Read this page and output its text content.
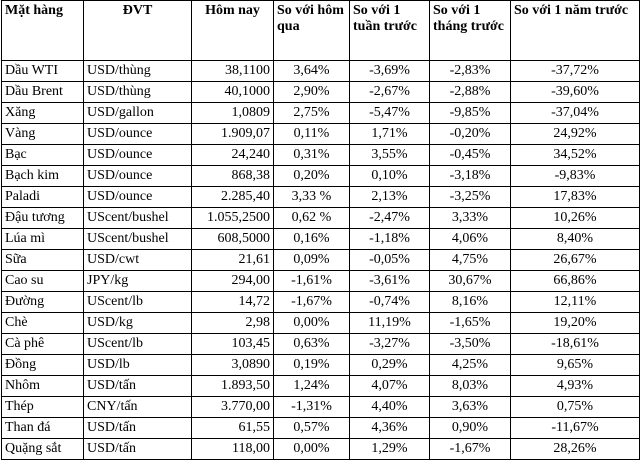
Mặt hàng	ĐVT	Hôm nay	So với hôm qua	So với 1 tuần trước	So với 1 tháng trước	So với 1 năm trước
Dầu WTI	USD/thùng	38,1100	3,64%	-3,69%	-2,83%	-37,72%
Dầu Brent	USD/thùng	40,1000	2,90%	-2,67%	-2,88%	-39,60%
Xăng	USD/gallon	1,0809	2,75%	-5,47%	-9,85%	-37,04%
Vàng	USD/ounce	1.909,07	0,11%	1,71%	-0,20%	24,92%
Bạc	USD/ounce	24,240	0,31%	3,55%	-0,45%	34,52%
Bạch kim	USD/ounce	868,38	0,20%	0,10%	-3,18%	-9,83%
Paladi	USD/ounce	2.285,40	3,33 %	2,13%	-3,25%	17,83%
Đậu tương	UScent/bushel	1.055,2500	0,62 %	-2,47%	3,33%	10,26%
Lúa mì	UScent/bushel	608,5000	0,16%	-1,18%	4,06%	8,40%
Sữa	USD/cwt	21,61	0,09%	-0,05%	4,75%	26,67%
Cao su	JPY/kg	294,00	-1,61%	-3,61%	30,67%	66,86%
Đường	UScent/lb	14,72	-1,67%	-0,74%	8,16%	12,11%
Chè	USD/kg	2,98	0,00%	11,19%	-1,65%	19,20%
Cà phê	UScent/lb	103,45	0,63%	-3,27%	-3,50%	-18,61%
Đồng	USD/lb	3,0890	0,19%	0,29%	4,25%	9,65%
Nhôm	USD/tấn	1.893,50	1,24%	4,07%	8,03%	4,93%
Thép	CNY/tấn	3.770,00	-1,31%	4,40%	3,63%	0,75%
Than đá	USD/tấn	61,55	0,57%	4,36%	0,90%	-11,67%
Quặng sắt	USD/tấn	118,00	0,00%	1,29%	-1,67%	28,26%
